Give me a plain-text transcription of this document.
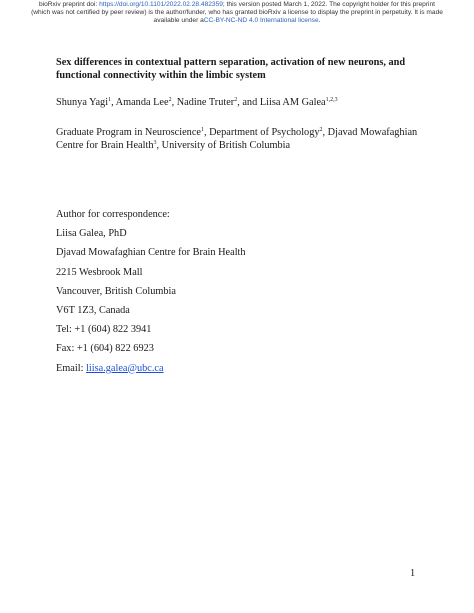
bioRxiv preprint doi: https://doi.org/10.1101/2022.02.28.482359; this version posted March 1, 2022. The copyright holder for this preprint
(which was not certified by peer review) is the author/funder, who has granted bioRxiv a license to display the preprint in perpetuity. It is made
available under aCC-BY-NC-ND 4.0 International license.
Sex differences in contextual pattern separation, activation of new neurons, and functional connectivity within the limbic system
Shunya Yagi$^1$, Amanda Lee$^2$, Nadine Truter$^2$, and Liisa AM Galea$^{1,2,3}$
Graduate Program in Neuroscience$^1$, Department of Psychology$^2$, Djavad Mowafaghian Centre for Brain Health$^3$, University of British Columbia
Author for correspondence:
Liisa Galea, PhD
Djavad Mowafaghian Centre for Brain Health
2215 Wesbrook Mall
Vancouver, British Columbia
V6T 1Z3, Canada
Tel: +1 (604) 822 3941
Fax: +1 (604) 822 6923
Email: liisa.galea@ubc.ca
1
